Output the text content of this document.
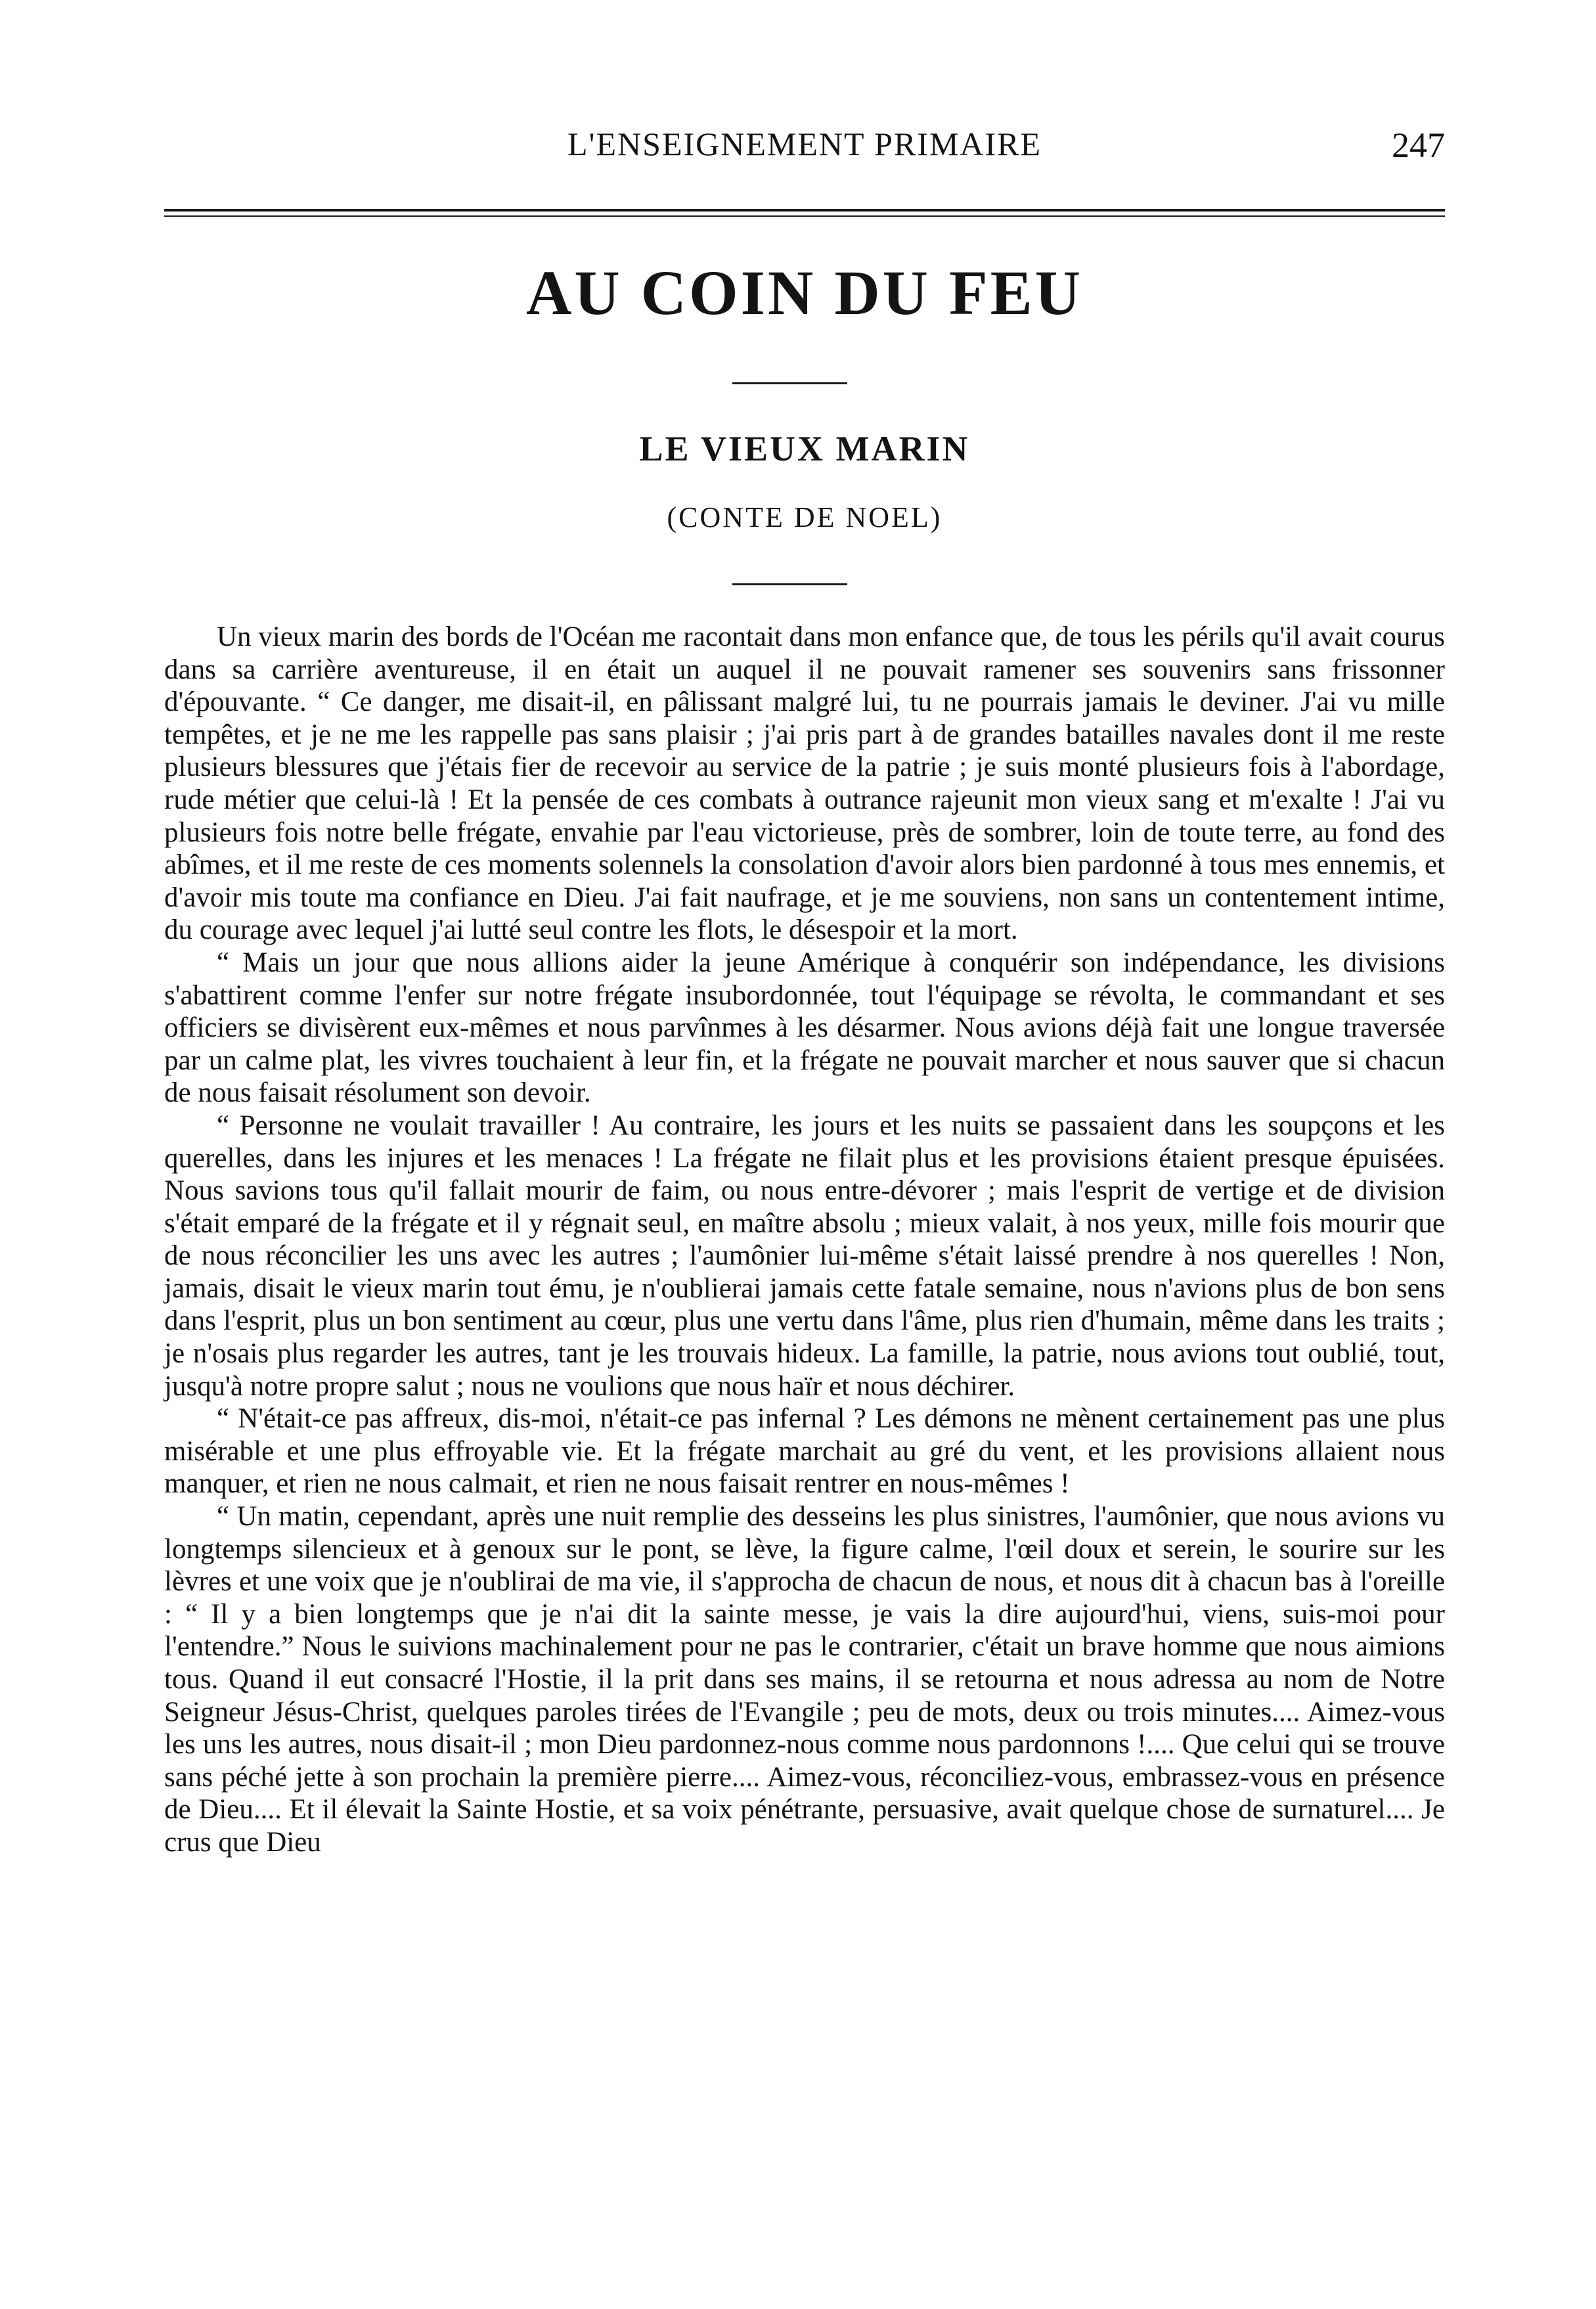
L'ENSEIGNEMENT PRIMAIRE	247
AU COIN DU FEU
LE VIEUX MARIN
(CONTE DE NOEL)

Un vieux marin des bords de l'Océan me racontait dans mon enfance que, de tous les périls qu'il avait courus dans sa carrière aventureuse, il en était un auquel il ne pouvait ramener ses souvenirs sans frissonner d'épouvante. “ Ce danger, me disait-il, en pâlissant malgré lui, tu ne pourrais jamais le deviner. J'ai vu mille tempêtes, et je ne me les rappelle pas sans plaisir ; j'ai pris part à de grandes batailles navales dont il me reste plusieurs blessures que j'étais fier de recevoir au service de la patrie ; je suis monté plusieurs fois à l'abordage, rude métier que celui-là ! Et la pensée de ces combats à outrance rajeunit mon vieux sang et m'exalte ! J'ai vu plusieurs fois notre belle frégate, envahie par l'eau victorieuse, près de sombrer, loin de toute terre, au fond des abîmes, et il me reste de ces moments solennels la consolation d'avoir alors bien pardonné à tous mes ennemis, et d'avoir mis toute ma confiance en Dieu. J'ai fait naufrage, et je me souviens, non sans un contentement intime, du courage avec lequel j'ai lutté seul contre les flots, le désespoir et la mort.

“ Mais un jour que nous allions aider la jeune Amérique à conquérir son indépendance, les divisions s'abattirent comme l'enfer sur notre frégate insubordonnée, tout l'équipage se révolta, le commandant et ses officiers se divisèrent eux-mêmes et nous parvînmes à les désarmer. Nous avions déjà fait une longue traversée par un calme plat, les vivres touchaient à leur fin, et la frégate ne pouvait marcher et nous sauver que si chacun de nous faisait résolument son devoir.

“ Personne ne voulait travailler ! Au contraire, les jours et les nuits se passaient dans les soupçons et les querelles, dans les injures et les menaces ! La frégate ne filait plus et les provisions étaient presque épuisées. Nous savions tous qu'il fallait mourir de faim, ou nous entre-dévorer ; mais l'esprit de vertige et de division s'était emparé de la frégate et il y régnait seul, en maître absolu ; mieux valait, à nos yeux, mille fois mourir que de nous réconcilier les uns avec les autres ; l'aumônier lui-même s'était laissé prendre à nos querelles ! Non, jamais, disait le vieux marin tout ému, je n'oublierai jamais cette fatale semaine, nous n'avions plus de bon sens dans l'esprit, plus un bon sentiment au cœur, plus une vertu dans l'âme, plus rien d'humain, même dans les traits ; je n'osais plus regarder les autres, tant je les trouvais hideux. La famille, la patrie, nous avions tout oublié, tout, jusqu'à notre propre salut ; nous ne voulions que nous haïr et nous déchirer.

“ N'était-ce pas affreux, dis-moi, n'était-ce pas infernal ? Les démons ne mènent certainement pas une plus misérable et une plus effroyable vie. Et la frégate marchait au gré du vent, et les provisions allaient nous manquer, et rien ne nous calmait, et rien ne nous faisait rentrer en nous-mêmes !

“ Un matin, cependant, après une nuit remplie des desseins les plus sinistres, l'aumônier, que nous avions vu longtemps silencieux et à genoux sur le pont, se lève, la figure calme, l'œil doux et serein, le sourire sur les lèvres et une voix que je n'oublirai de ma vie, il s'approcha de chacun de nous, et nous dit à chacun bas à l'oreille : “ Il y a bien longtemps que je n'ai dit la sainte messe, je vais la dire aujourd'hui, viens, suis-moi pour l'entendre.” Nous le suivions machinalement pour ne pas le contrarier, c'était un brave homme que nous aimions tous. Quand il eut consacré l'Hostie, il la prit dans ses mains, il se retourna et nous adressa au nom de Notre Seigneur Jésus-Christ, quelques paroles tirées de l'Evangile ; peu de mots, deux ou trois minutes.... Aimez-vous les uns les autres, nous disait-il ; mon Dieu pardonnez-nous comme nous pardonnons !.... Que celui qui se trouve sans péché jette à son prochain la première pierre.... Aimez-vous, réconciliez-vous, embrassez-vous en présence de Dieu.... Et il élevait la Sainte Hostie, et sa voix pénétrante, persuasive, avait quelque chose de surnaturel.... Je crus que Dieu
